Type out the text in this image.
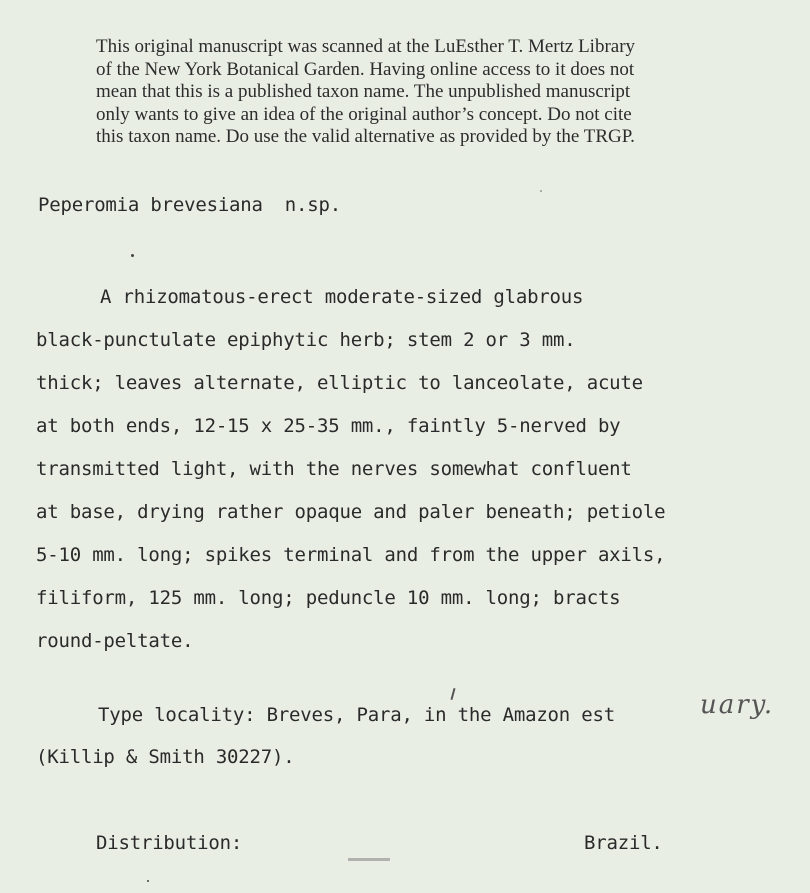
This original manuscript was scanned at the LuEsther T. Mertz Library
of the New York Botanical Garden. Having online access to it does not
mean that this is a published taxon name. The unpublished manuscript
only wants to give an idea of the original author’s concept. Do not cite
this taxon name. Do use the valid alternative as provided by the TRGP.
Peperomia brevesiana n.sp.
A rhizomatous-erect moderate-sized glabrous
black-punctulate epiphytic herb; stem 2 or 3 mm.
thick; leaves alternate, elliptic to lanceolate, acute
at both ends, 12-15 x 25-35 mm., faintly 5-nerved by
transmitted light, with the nerves somewhat confluent
at base, drying rather opaque and paler beneath; petiole
5-10 mm. long; spikes terminal and from the upper axils,
filiform, 125 mm. long; peduncle 10 mm. long; bracts
round-peltate.
Type locality: Breves, Para, in the Amazon est	uary.
(Killip & Smith 30227).
Distribution:	Brazil.
